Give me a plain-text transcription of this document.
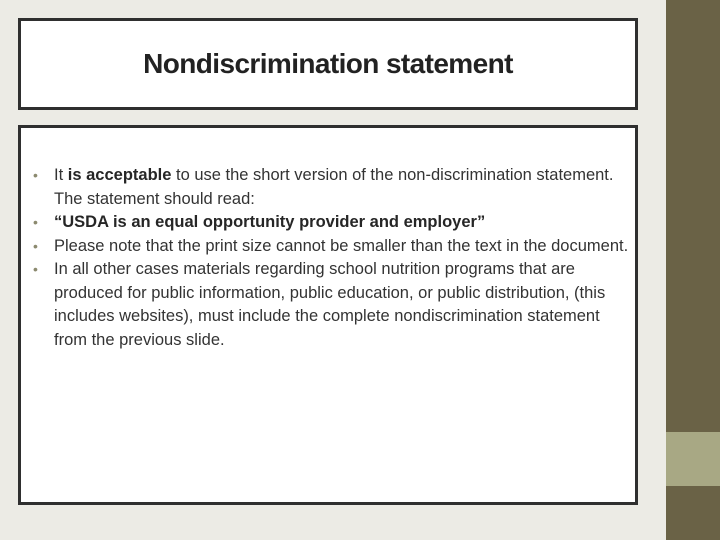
Nondiscrimination statement
• It is acceptable to use the short version of the non-discrimination statement. The statement should read:
• “USDA is an equal opportunity provider and employer”
• Please note that the print size cannot be smaller than the text in the document.
• In all other cases materials regarding school nutrition programs that are produced for public information, public education, or public distribution, (this includes websites), must include the complete nondiscrimination statement from the previous slide.
